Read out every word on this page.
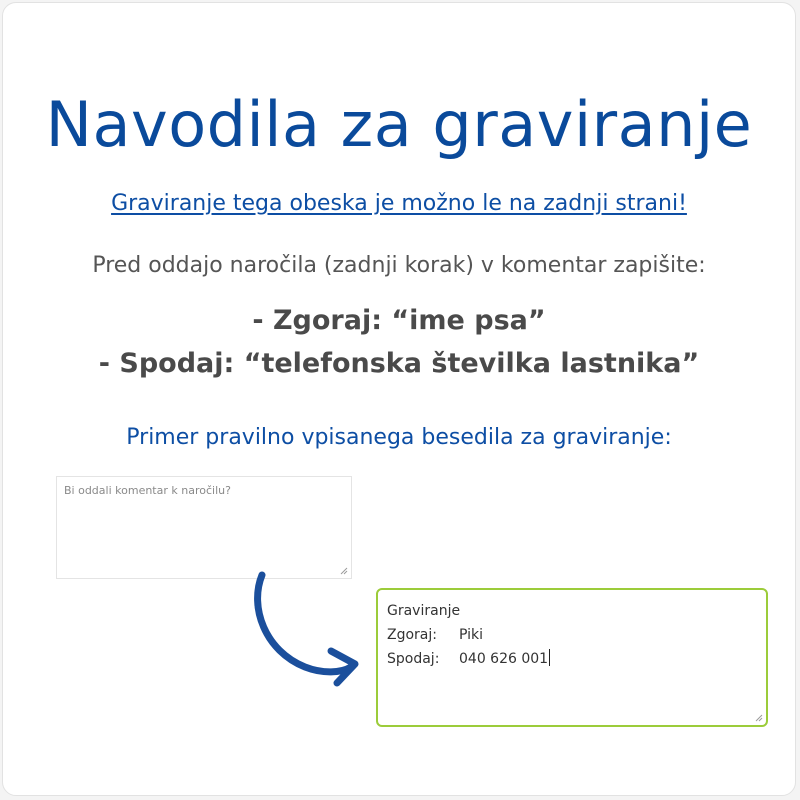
Navodila za graviranje
Graviranje tega obeska je možno le na zadnji strani!
Pred oddajo naročila (zadnji korak) v komentar zapišite:
- Zgoraj: “ime psa”
- Spodaj: “telefonska številka lastnika”
Primer pravilno vpisanega besedila za graviranje:
Bi oddali komentar k naročilu?
Graviranje
Zgoraj: Piki
Spodaj: 040 626 001
